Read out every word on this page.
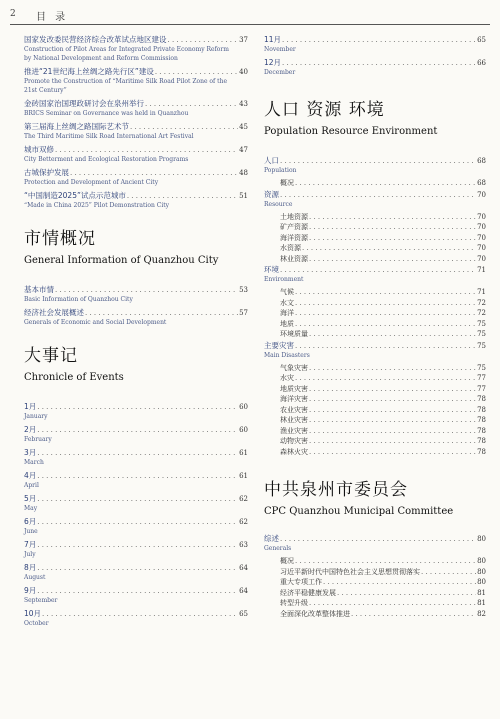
2 目 录
国家发改委民营经济综合改革试点地区建设 . . .	37
Construction of Pilot Areas for Integrated Private Economy Reform by National Development and Reform Commission
推进“21世纪海上丝绸之路先行区”建设 . . .	40
Promote the Construction of “Maritime Silk Road Pilot Zone of the 21st Century”
金砖国家治国理政研讨会在泉州举行 . . .	43
BRICS Seminar on Governance was held in Quanzhou
第三届海上丝绸之路国际艺术节 . . .	45
The Third Maritime Silk Road International Art Festival
城市双修 . . .	47
City Betterment and Ecological Restoration Programs
古城保护发展 . . .	48
Protection and Development of Ancient City
“中国制造2025”试点示范城市 . . .	51
“Made in China 2025” Pilot Demonstration City
市情概况
General Information of Quanzhou City
基本市情 . . .	53
Basic Information of Quanzhou City
经济社会发展概述 . . .	57
Generals of Economic and Social Development
大事记
Chronicle of Events
1月 . . .	60
January
2月 . . .	60
February
3月 . . .	61
March
4月 . . .	61
April
5月 . . .	62
May
6月 . . .	62
June
7月 . . .	63
July
8月 . . .	64
August
9月 . . .	64
September
10月 . . .	65
October
11月 . . .	65
November
12月 . . .	66
December
人口 资源 环境
Population Resource Environment
人口 . . .	68
Population
概况 . . .	68
资源 . . .	70
Resource
土地资源 . . .	70
矿产资源 . . .	70
海洋资源 . . .	70
水资源 . . .	70
林业资源 . . .	70
环境 . . .	71
Environment
气候 . . .	71
水文 . . .	72
海洋 . . .	72
地质 . . .	75
环境质量 . . .	75
主要灾害 . . .	75
Main Disasters
气象灾害 . . .	75
水灾 . . .	77
地质灾害 . . .	77
海洋灾害 . . .	78
农业灾害 . . .	78
林业灾害 . . .	78
渔业灾害 . . .	78
动物灾害 . . .	78
森林火灾 . . .	78
中共泉州市委员会
CPC Quanzhou Municipal Committee
综述 . . .	80
Generals
概况 . . .	80
习近平新时代中国特色社会主义思想贯彻落实 . . .	80
重大专项工作 . . .	80
经济平稳健康发展 . . .	81
转型升级 . . .	81
全面深化改革整体推进 . . .	82
